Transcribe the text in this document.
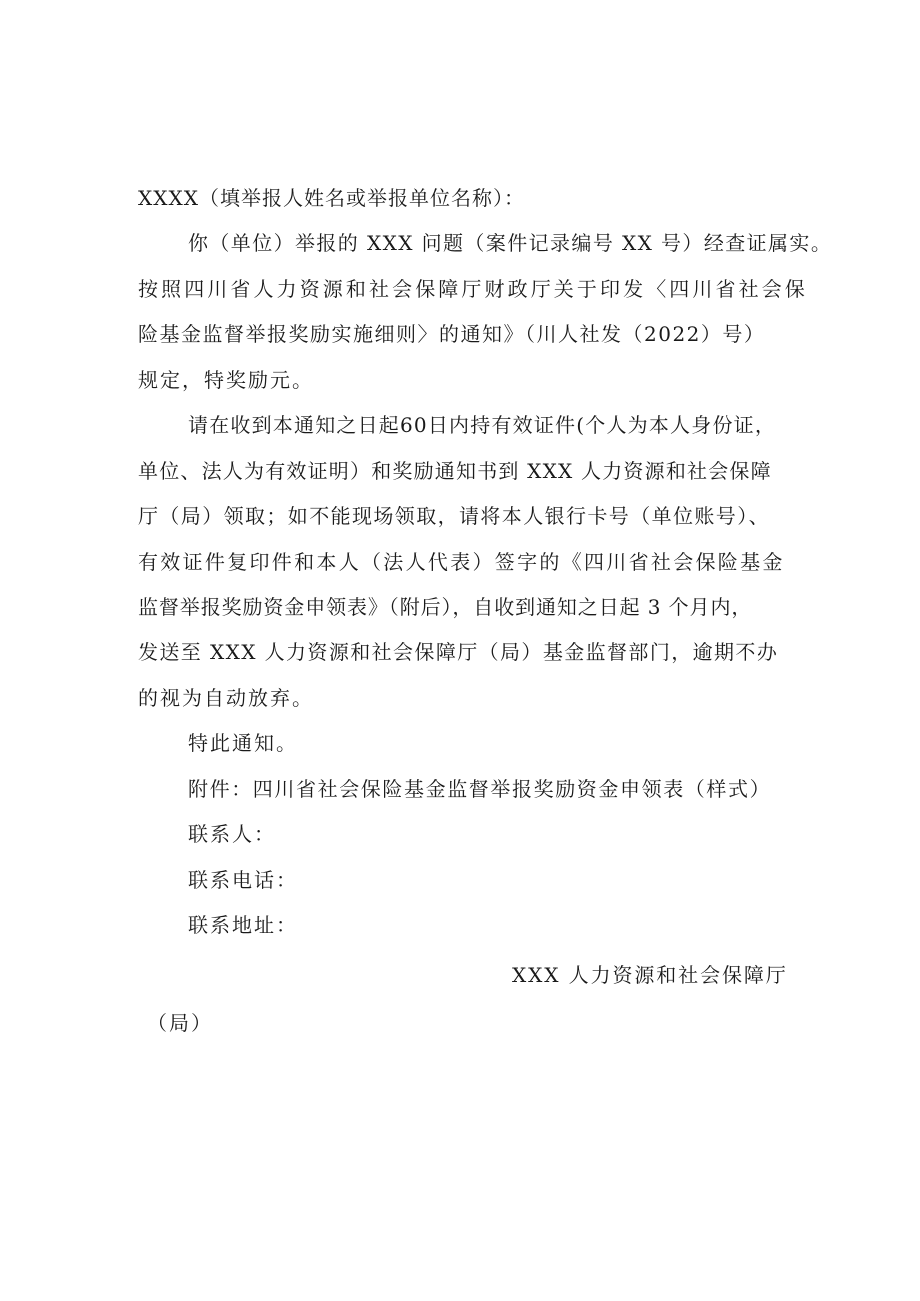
XXXX（填举报人姓名或举报单位名称）：
你（单位）举报的 XXX 问题（案件记录编号 XX 号）经查证属实。
按照四川省人力资源和社会保障厅财政厅关于印发〈四川省社会保
险基金监督举报奖励实施细则〉的通知》（川人社发（2022）号）
规定，特奖励元。
请在收到本通知之日起60日内持有效证件(个人为本人身份证，
单位、法人为有效证明）和奖励通知书到 XXX 人力资源和社会保障
厅（局）领取；如不能现场领取，请将本人银行卡号（单位账号）、
有效证件复印件和本人（法人代表）签字的《四川省社会保险基金
监督举报奖励资金申领表》（附后），自收到通知之日起 3 个月内，
发送至 XXX 人力资源和社会保障厅（局）基金监督部门，逾期不办
的视为自动放弃。
特此通知。
附件：四川省社会保险基金监督举报奖励资金申领表（样式）
联系人：
联系电话：
联系地址：
XXX 人力资源和社会保障厅
（局）
